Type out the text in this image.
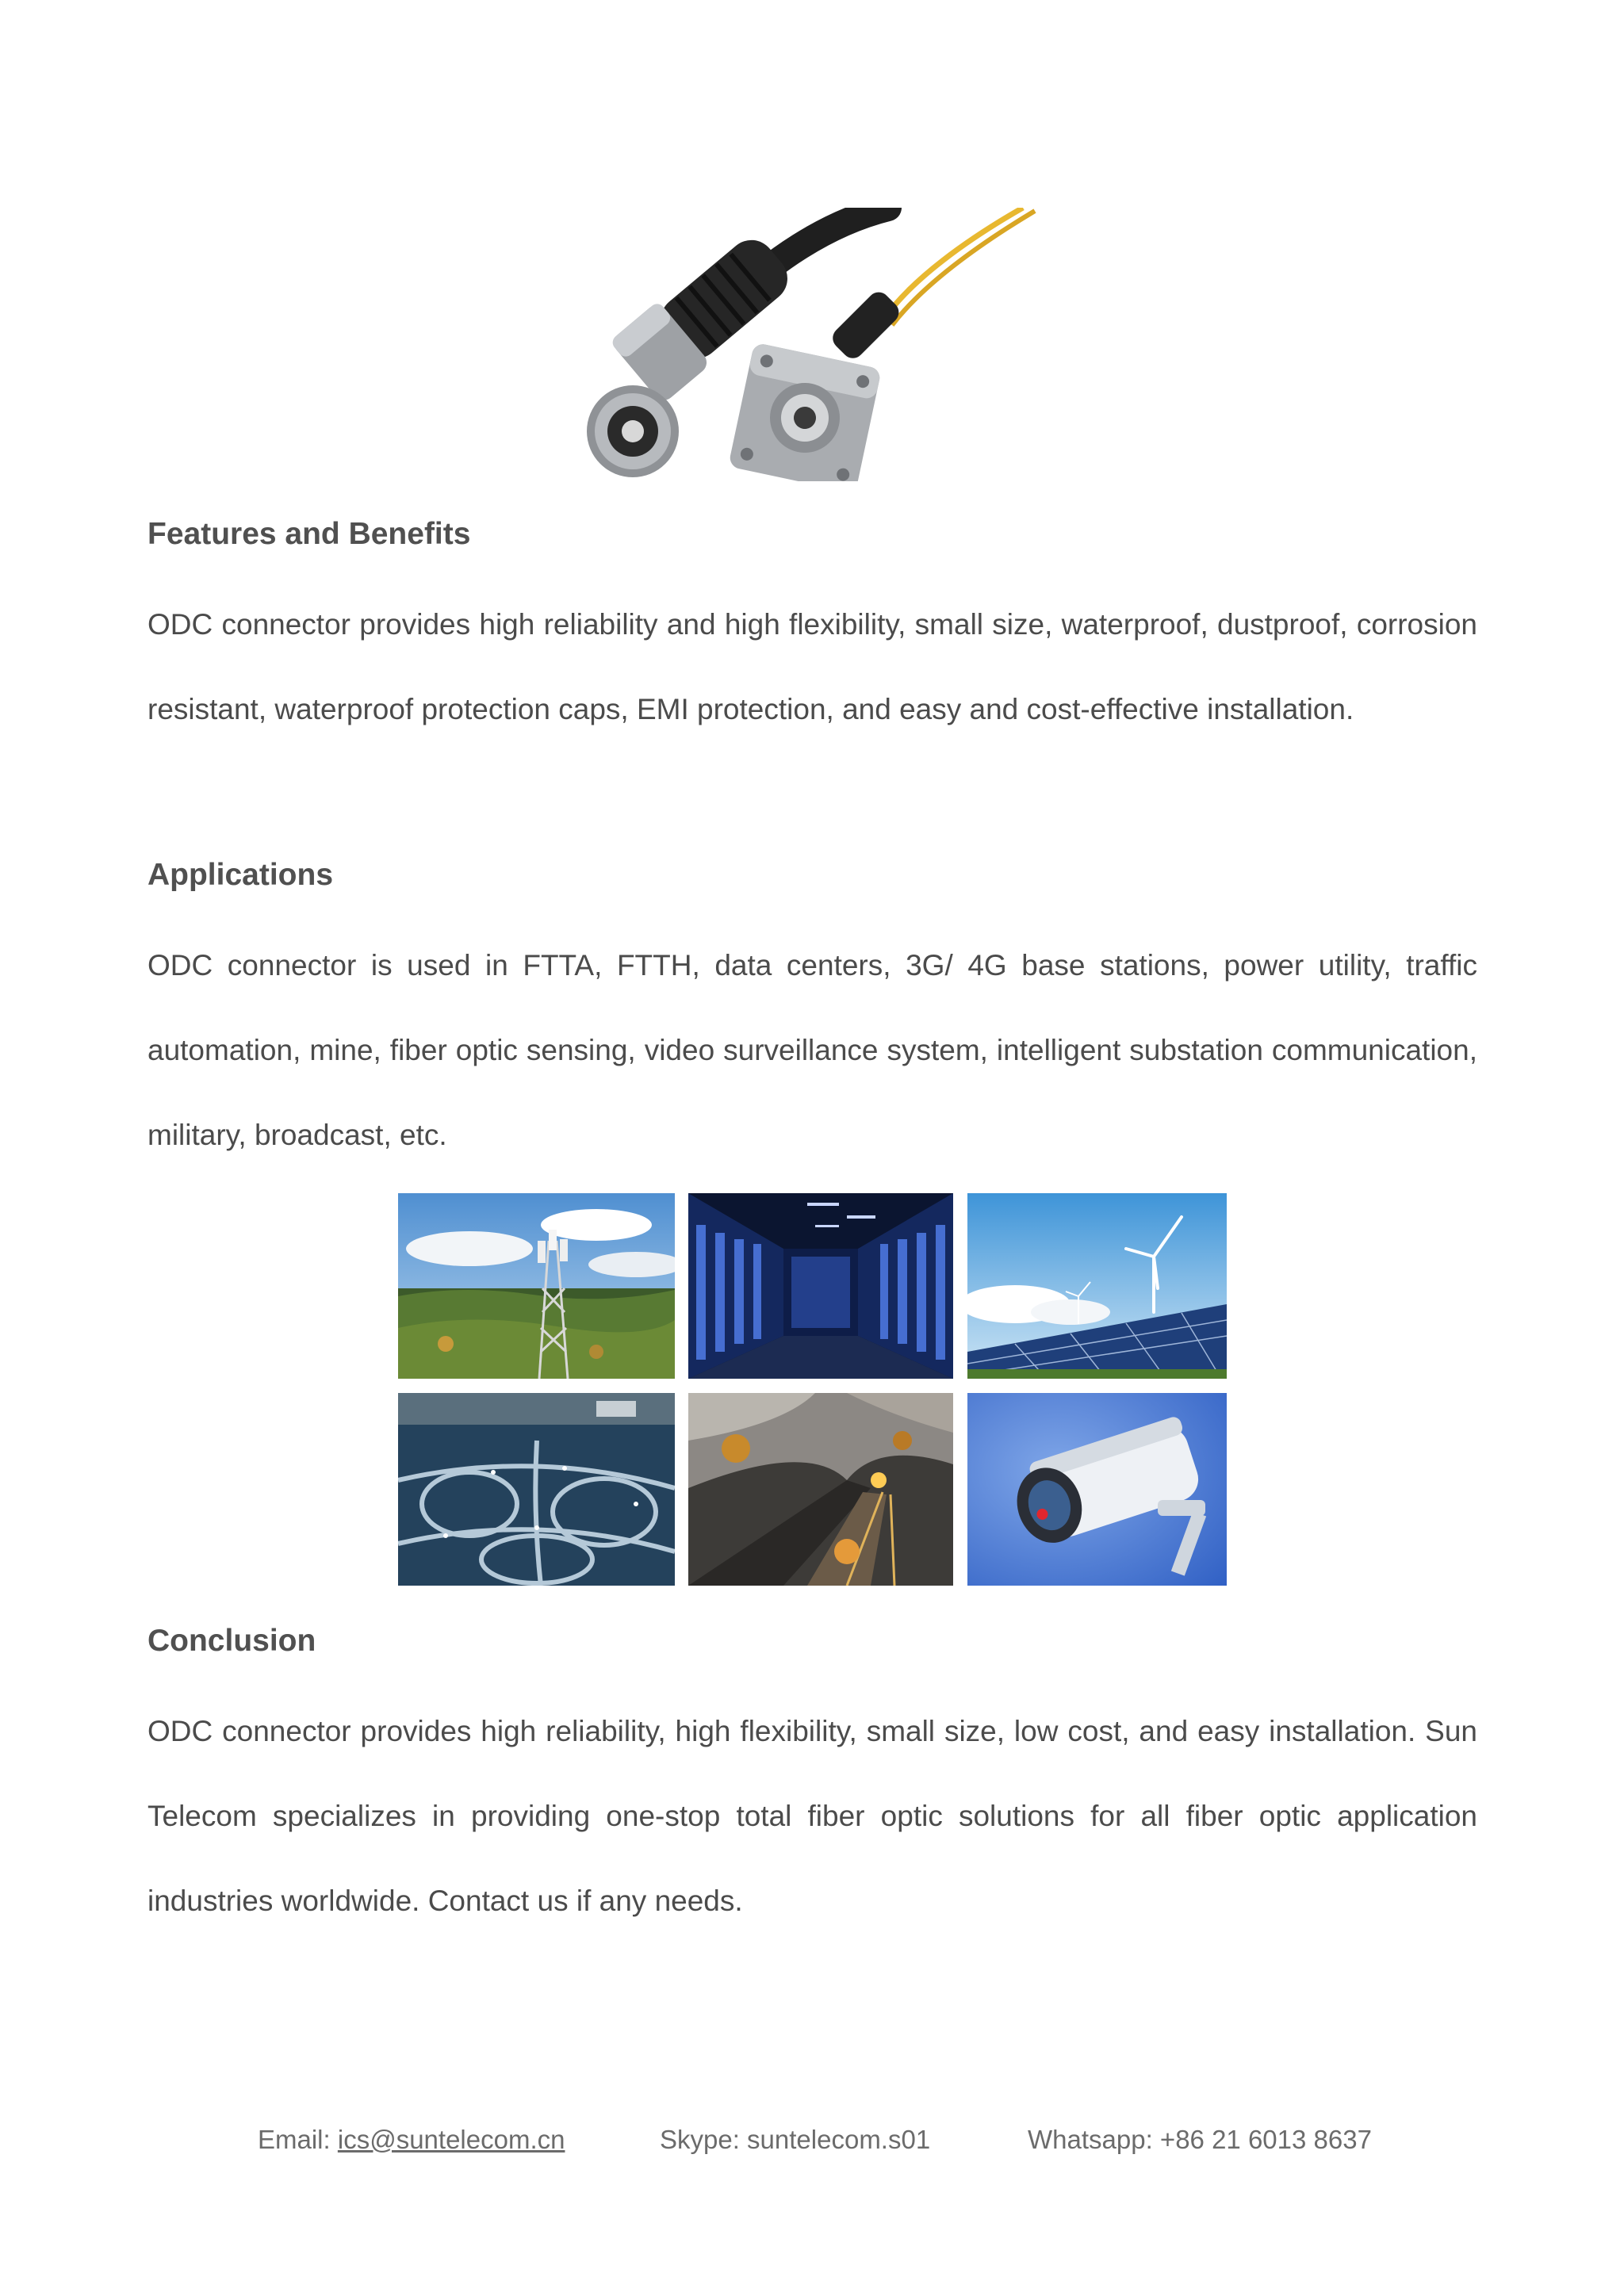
Features and Benefits
ODC connector provides high reliability and high flexibility, small size, waterproof, dustproof, corrosion resistant, waterproof protection caps, EMI protection, and easy and cost-effective installation.
Applications
ODC connector is used in FTTA, FTTH, data centers, 3G/ 4G base stations, power utility, traffic automation, mine, fiber optic sensing, video surveillance system, intelligent substation communication, military, broadcast, etc.
Conclusion
ODC connector provides high reliability, high flexibility, small size, low cost, and easy installation. Sun Telecom specializes in providing one-stop total fiber optic solutions for all fiber optic application industries worldwide. Contact us if any needs.
Email: ics@suntelecom.cn	Skype: suntelecom.s01	Whatsapp: +86 21 6013 8637
